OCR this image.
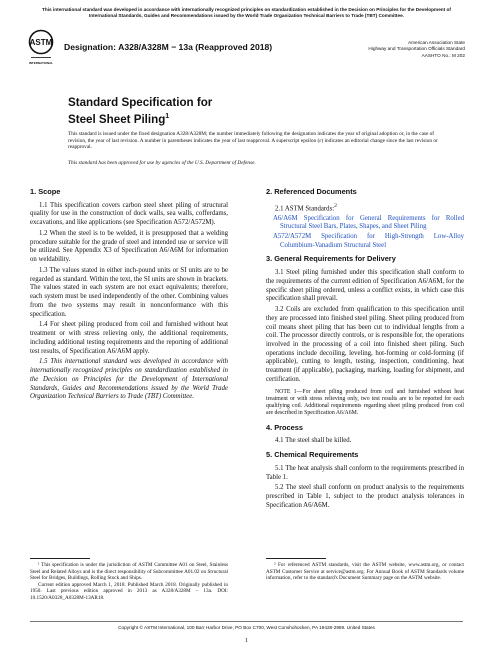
This international standard was developed in accordance with internationally recognized principles on standardization established in the Decision on Principles for the Development of International Standards, Guides and Recommendations issued by the World Trade Organization Technical Barriers to Trade (TBT) Committee.
ASTM
INTERNATIONAL
Designation: A328/A328M − 13a (Reapproved 2018)	American Association State
Highway and Transportation Officials Standard
AASHTO No.: M 202
Standard Specification for
Steel Sheet Piling$^1$
This standard is issued under the fixed designation A328/A328M; the number immediately following the designation indicates the year of original adoption or, in the case of revision, the year of last revision. A number in parentheses indicates the year of last reapproval. A superscript epsilon (ε) indicates an editorial change since the last revision or reapproval.
This standard has been approved for use by agencies of the U.S. Department of Defense.
1. Scope
1.1 This specification covers carbon steel sheet piling of structural quality for use in the construction of dock walls, sea walls, cofferdams, excavations, and like applications (see Specification A572/A572M).
1.2 When the steel is to be welded, it is presupposed that a welding procedure suitable for the grade of steel and intended use or service will be utilized. See Appendix X3 of Specification A6/A6M for information on weldability.
1.3 The values stated in either inch-pound units or SI units are to be regarded as standard. Within the text, the SI units are shown in brackets. The values stated in each system are not exact equivalents; therefore, each system must be used independently of the other. Combining values from the two systems may result in nonconformance with this specification.
1.4 For sheet piling produced from coil and furnished without heat treatment or with stress relieving only, the additional requirements, including additional testing requirements and the reporting of additional test results, of Specification A6/A6M apply.
1.5 This international standard was developed in accordance with internationally recognized principles on standardization established in the Decision on Principles for the Development of International Standards, Guides and Recommendations issued by the World Trade Organization Technical Barriers to Trade (TBT) Committee.
¹ This specification is under the jurisdiction of ASTM Committee A01 on Steel, Stainless Steel and Related Alloys and is the direct responsibility of Subcommittee A01.02 on Structural Steel for Bridges, Buildings, Rolling Stock and Ships.
Current edition approved March 1, 2018. Published March 2018. Originally published in 1950. Last previous edition approved in 2013 as A328/A328M – 13a. DOI: 10.1520/A0328_A0328M-13AR18.
2. Referenced Documents
2.1 ASTM Standards:$^2$
A6/A6M Specification for General Requirements for Rolled Structural Steel Bars, Plates, Shapes, and Sheet Piling
A572/A572M Specification for High-Strength Low-Alloy Columbium-Vanadium Structural Steel
3. General Requirements for Delivery
3.1 Steel piling furnished under this specification shall conform to the requirements of the current edition of Specification A6/A6M, for the specific sheet piling ordered, unless a conflict exists, in which case this specification shall prevail.
3.2 Coils are excluded from qualification to this specification until they are processed into finished steel piling. Sheet piling produced from coil means sheet piling that has been cut to individual lengths from a coil. The processor directly controls, or is responsible for, the operations involved in the processing of a coil into finished sheet piling. Such operations include decoiling, leveling, hot-forming or cold-forming (if applicable), cutting to length, testing, inspection, conditioning, heat treatment (if applicable), packaging, marking, loading for shipment, and certification.
NOTE 1—For sheet piling produced from coil and furnished without heat treatment or with stress relieving only, two test results are to be reported for each qualifying coil. Additional requirements regarding sheet piling produced from coil are described in Specification A6/A6M.
4. Process
4.1 The steel shall be killed.
5. Chemical Requirements
5.1 The heat analysis shall conform to the requirements prescribed in Table 1.
5.2 The steel shall conform on product analysis to the requirements prescribed in Table 1, subject to the product analysis tolerances in Specification A6/A6M.
² For referenced ASTM standards, visit the ASTM website, www.astm.org, or contact ASTM Customer Service at service@astm.org. For Annual Book of ASTM Standards volume information, refer to the standard's Document Summary page on the ASTM website.
Copyright © ASTM International, 100 Barr Harbor Drive, PO Box C700, West Conshohocken, PA 19428-2959. United States
1
